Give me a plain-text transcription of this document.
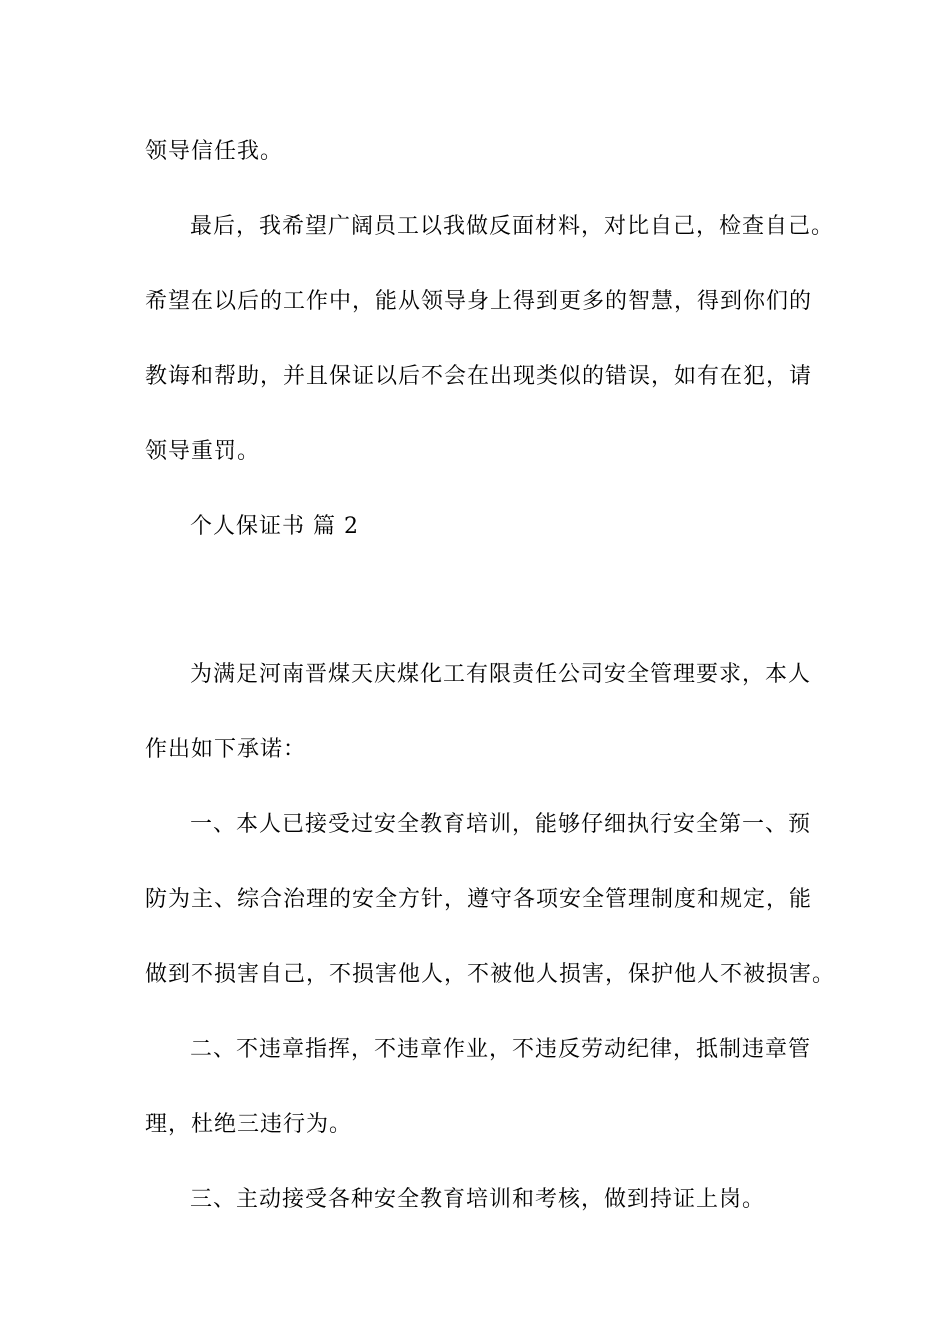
领导信任我。
最后，我希望广阔员工以我做反面材料，对比自己，检查自己。
希望在以后的工作中，能从领导身上得到更多的智慧，得到你们的
教诲和帮助，并且保证以后不会在出现类似的错误，如有在犯，请
领导重罚。
个人保证书 篇 2
为满足河南晋煤天庆煤化工有限责任公司安全管理要求，本人
作出如下承诺：
一、本人已接受过安全教育培训，能够仔细执行安全第一、预
防为主、综合治理的安全方针，遵守各项安全管理制度和规定，能
做到不损害自己，不损害他人，不被他人损害，保护他人不被损害。
二、不违章指挥，不违章作业，不违反劳动纪律，抵制违章管
理，杜绝三违行为。
三、主动接受各种安全教育培训和考核，做到持证上岗。
